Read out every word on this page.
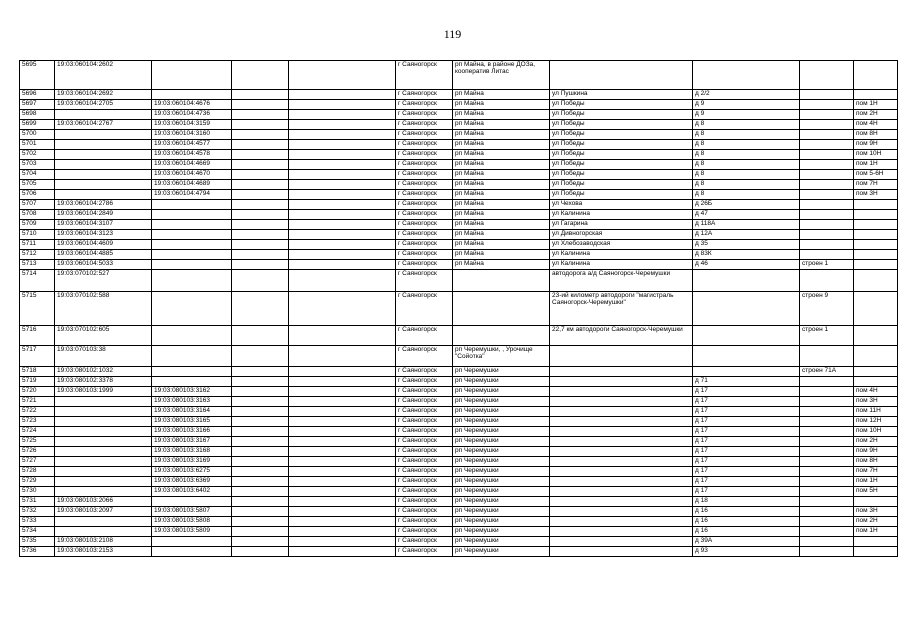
119
5695	19:03:060104:2602				г Саяногорск	рп Майна, в районе ДОЗа, кооператив Литас				
5696	19:03:060104:2692				г Саяногорск	рп Майна	ул Пушкина	д 2/2		
5697	19:03:060104:2705	19:03:060104:4676			г Саяногорск	рп Майна	ул Победы	д 9		пом 1Н
5698		19:03:060104:4736			г Саяногорск	рп Майна	ул Победы	д 9		пом 2Н
5699	19:03:060104:2767	19:03:060104:3159			г Саяногорск	рп Майна	ул Победы	д 8		пом 4Н
5700		19:03:060104:3160			г Саяногорск	рп Майна	ул Победы	д 8		пом 8Н
5701		19:03:060104:4577			г Саяногорск	рп Майна	ул Победы	д 8		пом 9Н
5702		19:03:060104:4578			г Саяногорск	рп Майна	ул Победы	д 8		пом 10Н
5703		19:03:060104:4669			г Саяногорск	рп Майна	ул Победы	д 8		пом 1Н
5704		19:03:060104:4670			г Саяногорск	рп Майна	ул Победы	д 8		пом 5-6Н
5705		19:03:060104:4689			г Саяногорск	рп Майна	ул Победы	д 8		пом 7Н
5706		19:03:060104:4794			г Саяногорск	рп Майна	ул Победы	д 8		пом 3Н
5707	19:03:060104:2786				г Саяногорск	рп Майна	ул Чехова	д 26Б		
5708	19:03:060104:2849				г Саяногорск	рп Майна	ул Калинина	д 47		
5709	19:03:060104:3107				г Саяногорск	рп Майна	ул Гагарина	д 118А		
5710	19:03:060104:3123				г Саяногорск	рп Майна	ул Дивногорская	д 12А		
5711	19:03:060104:4609				г Саяногорск	рп Майна	ул Хлебозаводская	д 35		
5712	19:03:060104:4885				г Саяногорск	рп Майна	ул Калинина	д 83К		
5713	19:03:060104:5033				г Саяногорск	рп Майна	ул Калинина	д 46	строен 1	
5714	19:03:070102:527				г Саяногорск		автодорога а/д Саяногорск-Черемушки			
5715	19:03:070102:588				г Саяногорск		23-ий километр автодороги "магистраль Саяногорск-Черемушки"		строен 9	
5716	19:03:070102:605				г Саяногорск		22,7 км автодороги Саяногорск-Черемушки		строен 1	
5717	19:03:070103:38				г Саяногорск	рп Черемушки, , Урочище "Сойотка"				
5718	19:03:080102:1032				г Саяногорск	рп Черемушки			строен 71А	
5719	19:03:080102:3378				г Саяногорск	рп Черемушки		д 71		
5720	19:03:080103:1999	19:03:080103:3162			г Саяногорск	рп Черемушки		д 17		пом 4Н
5721		19:03:080103:3163			г Саяногорск	рп Черемушки		д 17		пом 3Н
5722		19:03:080103:3164			г Саяногорск	рп Черемушки		д 17		пом 11Н
5723		19:03:080103:3165			г Саяногорск	рп Черемушки		д 17		пом 12Н
5724		19:03:080103:3166			г Саяногорск	рп Черемушки		д 17		пом 10Н
5725		19:03:080103:3167			г Саяногорск	рп Черемушки		д 17		пом 2Н
5726		19:03:080103:3168			г Саяногорск	рп Черемушки		д 17		пом 9Н
5727		19:03:080103:3169			г Саяногорск	рп Черемушки		д 17		пом 8Н
5728		19:03:080103:6275			г Саяногорск	рп Черемушки		д 17		пом 7Н
5729		19:03:080103:6369			г Саяногорск	рп Черемушки		д 17		пом 1Н
5730		19:03:080103:6402			г Саяногорск	рп Черемушки		д 17		пом 5Н
5731	19:03:080103:2066				г Саяногорск	рп Черемушки		д 18		
5732	19:03:080103:2097	19:03:080103:5807			г Саяногорск	рп Черемушки		д 16		пом 3Н
5733		19:03:080103:5808			г Саяногорск	рп Черемушки		д 16		пом 2Н
5734		19:03:080103:5809			г Саяногорск	рп Черемушки		д 16		пом 1Н
5735	19:03:080103:2108				г Саяногорск	рп Черемушки		д 39А		
5736	19:03:080103:2153				г Саяногорск	рп Черемушки		д 93		
